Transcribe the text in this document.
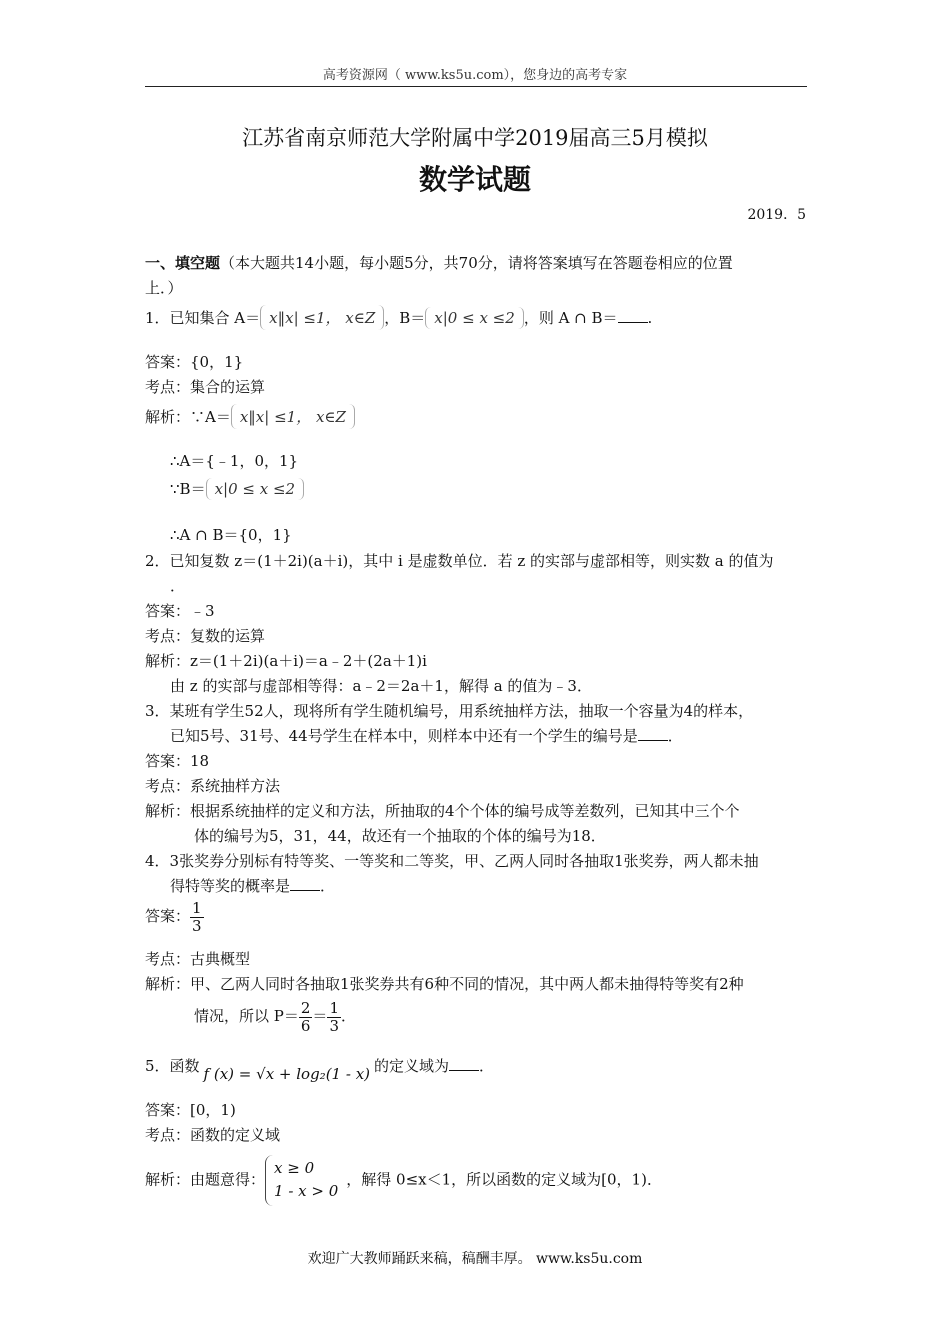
高考资源网（ www.ks5u.com），您身边的高考专家
江苏省南京师范大学附属中学2019届高三5月模拟
数学试题
2019．5
一、填空题（本大题共14小题，每小题5分，共70分，请将答案填写在答题卷相应的位置
上．）
1．已知集合 A＝ x‖x| ≤1， x∈Z ，B＝ x|0 ≤ x ≤2 ，则 A ∩ B＝ .
答案：{0，1}
考点：集合的运算
解析：∵A＝ x‖x| ≤1， x∈Z
∴A＝{﹣1，0，1}
∵B＝ x|0 ≤ x ≤2
∴A ∩ B＝{0，1}
2．已知复数 z＝(1＋2i)(a＋i)，其中 i 是虚数单位．若 z 的实部与虚部相等，则实数 a 的值为
．
答案：﹣3
考点：复数的运算
解析：z＝(1＋2i)(a＋i)＝a﹣2＋(2a＋1)i
由 z 的实部与虚部相等得：a﹣2＝2a＋1，解得 a 的值为﹣3．
3．某班有学生52人，现将所有学生随机编号，用系统抽样方法，抽取一个容量为4的样本，
已知5号、31号、44号学生在样本中，则样本中还有一个学生的编号是 ．
答案：18
考点：系统抽样方法
解析：根据系统抽样的定义和方法，所抽取的4个个体的编号成等差数列，已知其中三个个
体的编号为5，31，44，故还有一个抽取的个体的编号为18．
4．3张奖券分别标有特等奖、一等奖和二等奖，甲、乙两人同时各抽取1张奖券，两人都未抽
得特等奖的概率是 ．
答案： $\frac{1}{3}$
考点：古典概型
解析：甲、乙两人同时各抽取1张奖券共有6种不同的情况，其中两人都未抽得特等奖有2种
情况，所以 $P= \frac{2}{6} = \frac{1}{3}$ ．
5．函数 f (x) = √x + log₂(1 - x) 的定义域为 ．
答案：[0，1)
考点：函数的定义域
解析：由题意得：
x ≥ 0
1 - x > 0
，解得 0≤x＜1，所以函数的定义域为[0，1)．
欢迎广大教师踊跃来稿，稿酬丰厚。 www.ks5u.com
